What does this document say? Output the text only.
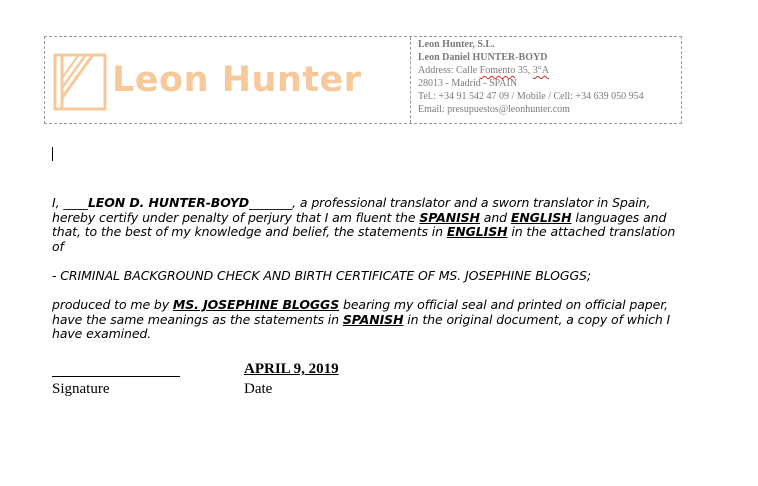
Leon Hunter
Leon Hunter, S.L.
Leon Daniel HUNTER-BOYD
Address: Calle Fomento 35, 3°A
28013 - Madrid - SPAIN
Tel.: +34 91 542 47 09 / Mobile / Cell: +34 639 050 954
Email: presupuestos@leonhunter.com
I, ____LEON D. HUNTER-BOYD_______, a professional translator and a sworn translator in Spain, hereby certify under penalty of perjury that I am fluent the SPANISH and ENGLISH languages and that, to the best of my knowledge and belief, the statements in ENGLISH in the attached translation of
- CRIMINAL BACKGROUND CHECK AND BIRTH CERTIFICATE OF MS. JOSEPHINE BLOGGS;
produced to me by MS. JOSEPHINE BLOGGS bearing my official seal and printed on official paper, have the same meanings as the statements in SPANISH in the original document, a copy of which I have examined.
Signature
APRIL 9, 2019
Date
